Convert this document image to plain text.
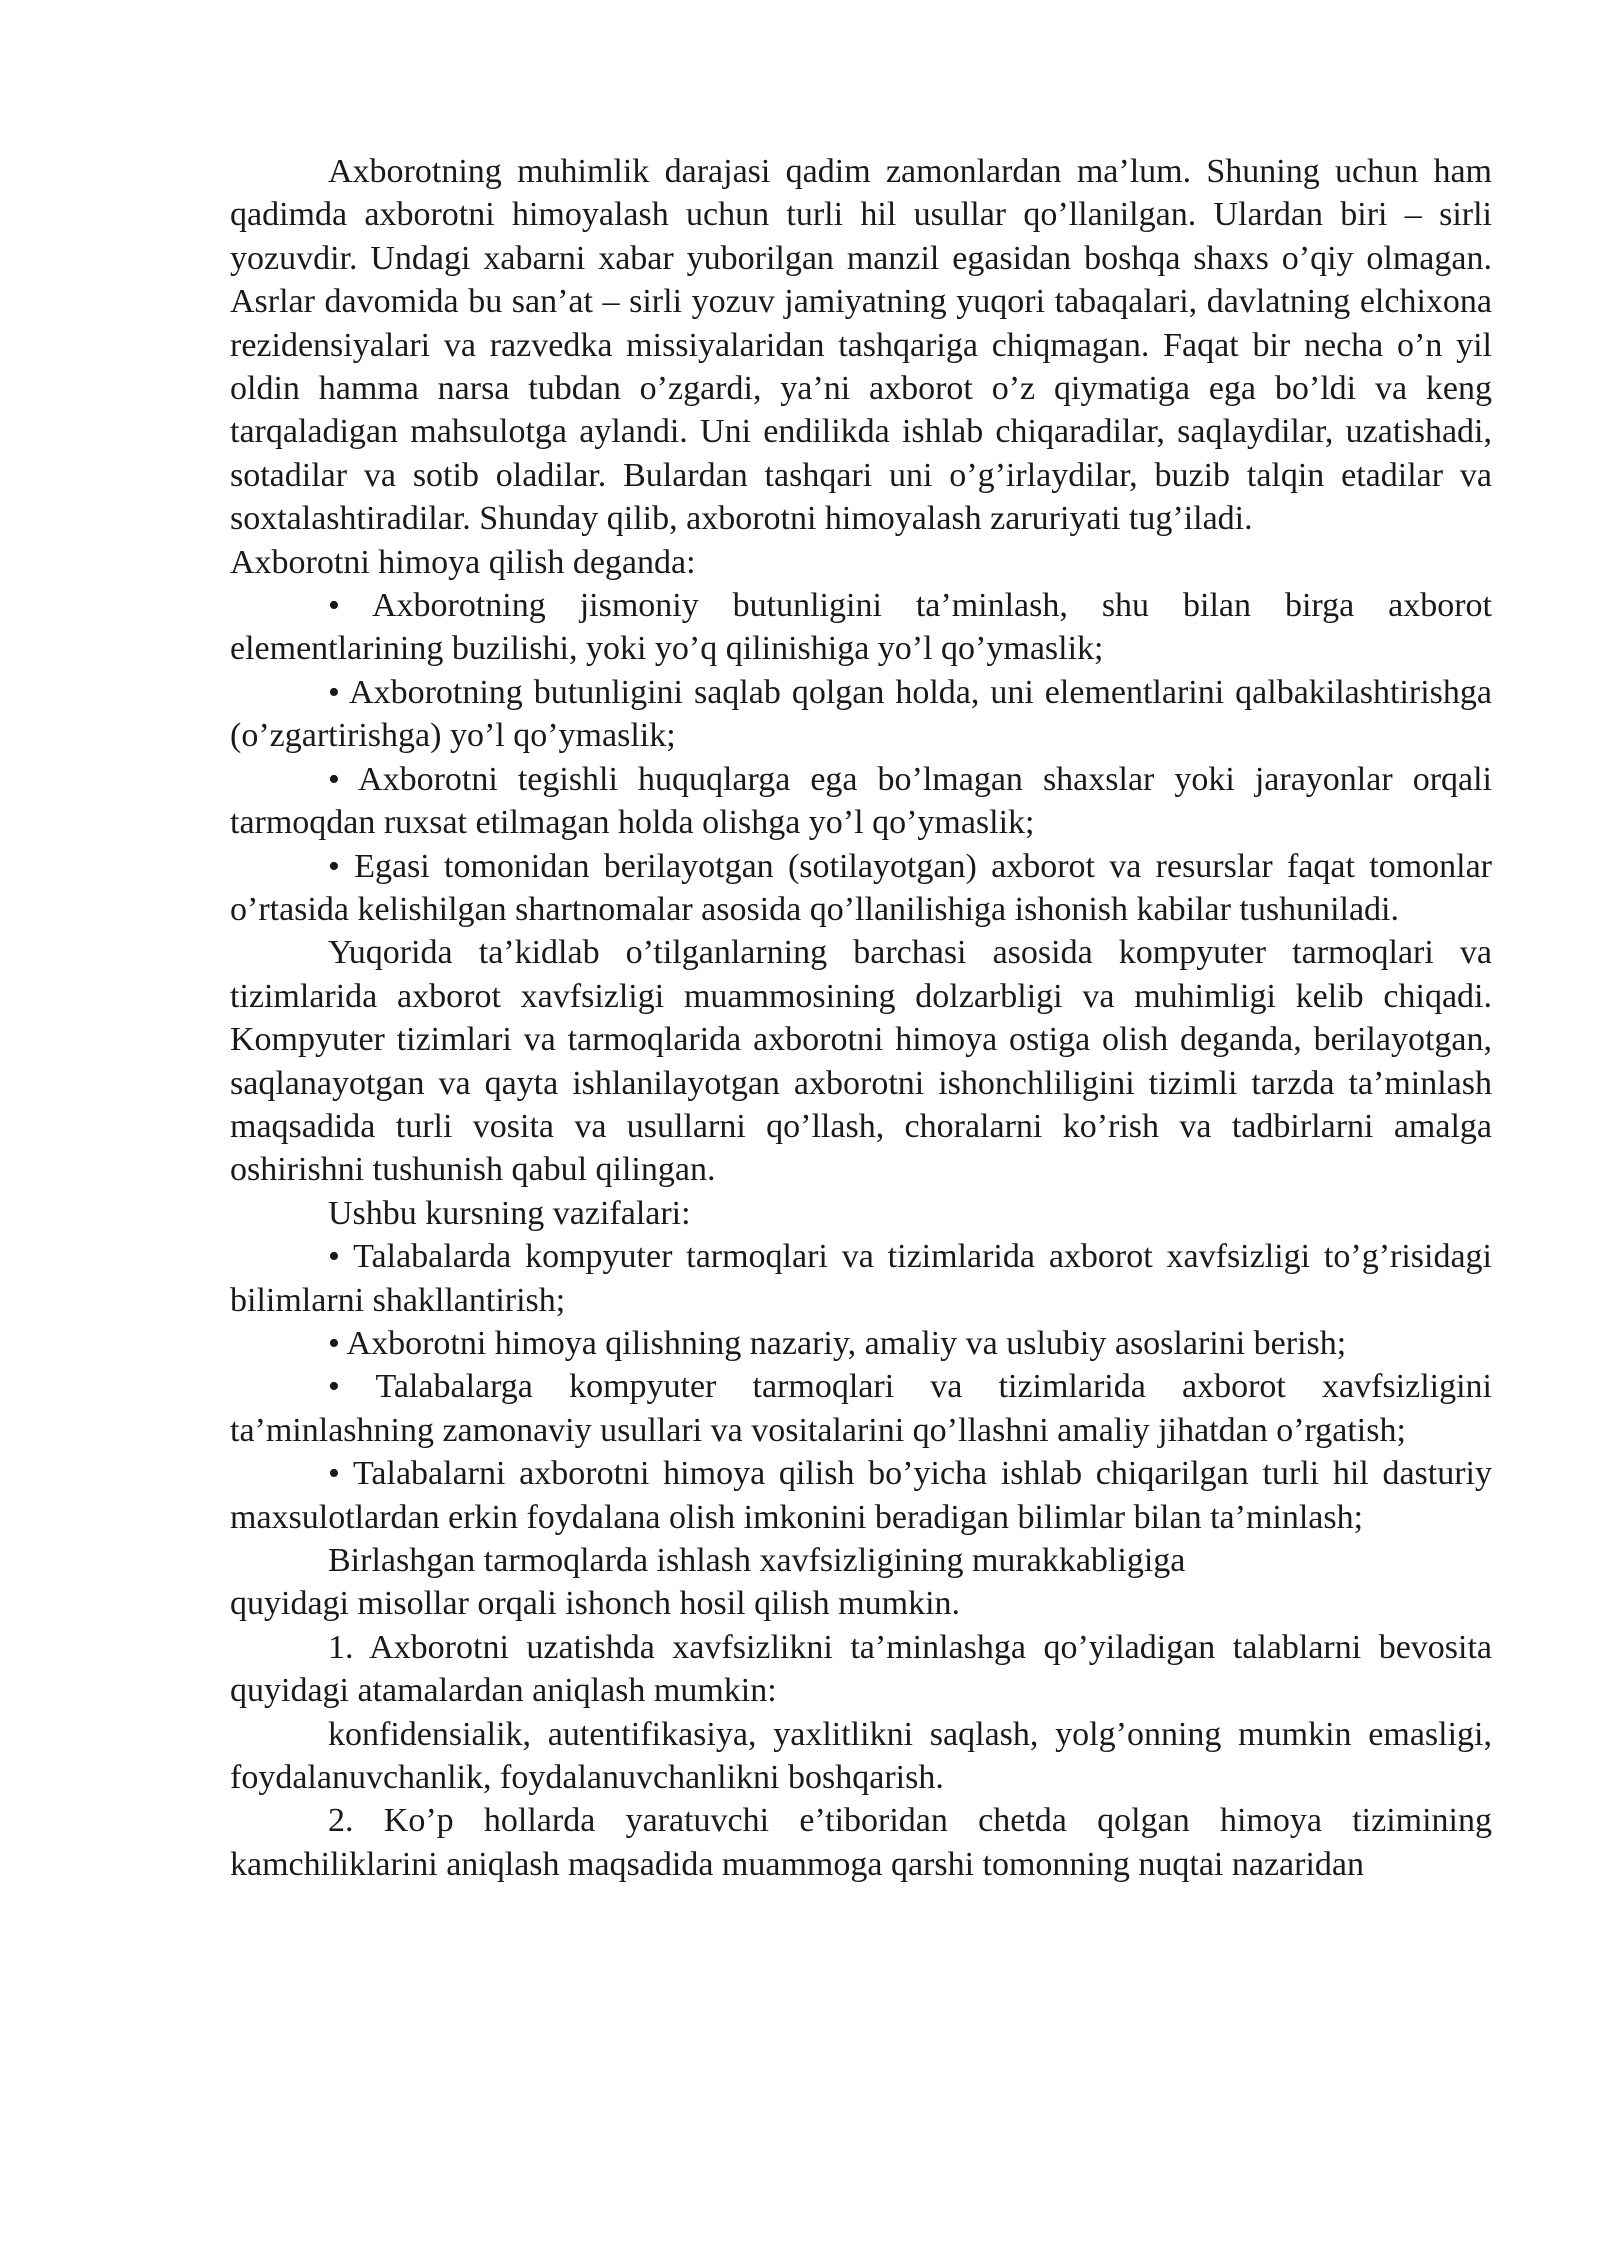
Axborotning muhimlik darajasi qadim zamonlardan ma’lum. Shuning uchun ham qadimda axborotni himoyalash uchun turli hil usullar qo’llanilgan. Ulardan biri – sirli yozuvdir. Undagi xabarni xabar yuborilgan manzil egasidan boshqa shaxs o’qiy olmagan. Asrlar davomida bu san’at – sirli yozuv jamiyatning yuqori tabaqalari, davlatning elchixona rezidensiyalari va razvedka missiyalaridan tashqariga chiqmagan. Faqat bir necha o’n yil oldin hamma narsa tubdan o’zgardi, ya’ni axborot o’z qiymatiga ega bo’ldi va keng tarqaladigan mahsulotga aylandi. Uni endilikda ishlab chiqaradilar, saqlaydilar, uzatishadi, sotadilar va sotib oladilar. Bulardan tashqari uni o’g’irlaydilar, buzib talqin etadilar va soxtalashtiradilar. Shunday qilib, axborotni himoyalash zaruriyati tug’iladi.

Axborotni himoya qilish deganda:

• Axborotning jismoniy butunligini ta’minlash, shu bilan birga axborot elementlarining buzilishi, yoki yo’q qilinishiga yo’l qo’ymaslik;

• Axborotning butunligini saqlab qolgan holda, uni elementlarini qalbakilashtirishga (o’zgartirishga) yo’l qo’ymaslik;

• Axborotni tegishli huquqlarga ega bo’lmagan shaxslar yoki jarayonlar orqali tarmoqdan ruxsat etilmagan holda olishga yo’l qo’ymaslik;

• Egasi tomonidan berilayotgan (sotilayotgan) axborot va resurslar faqat tomonlar o’rtasida kelishilgan shartnomalar asosida qo’llanilishiga ishonish kabilar tushuniladi.

Yuqorida ta’kidlab o’tilganlarning barchasi asosida kompyuter tarmoqlari va tizimlarida axborot xavfsizligi muammosining dolzarbligi va muhimligi kelib chiqadi. Kompyuter tizimlari va tarmoqlarida axborotni himoya ostiga olish deganda, berilayotgan, saqlanayotgan va qayta ishlanilayotgan axborotni ishonchliligini tizimli tarzda ta’minlash maqsadida turli vosita va usullarni qo’llash, choralarni ko’rish va tadbirlarni amalga oshirishni tushunish qabul qilingan.

Ushbu kursning vazifalari:

• Talabalarda kompyuter tarmoqlari va tizimlarida axborot xavfsizligi to’g’risidagi bilimlarni shakllantirish;

• Axborotni himoya qilishning nazariy, amaliy va uslubiy asoslarini berish;

• Talabalarga kompyuter tarmoqlari va tizimlarida axborot xavfsizligini ta’minlashning zamonaviy usullari va vositalarini qo’llashni amaliy jihatdan o’rgatish;

• Talabalarni axborotni himoya qilish bo’yicha ishlab chiqarilgan turli hil dasturiy maxsulotlardan erkin foydalana olish imkonini beradigan bilimlar bilan ta’minlash;

Birlashgan tarmoqlarda ishlash xavfsizligining murakkabligiga

quyidagi misollar orqali ishonch hosil qilish mumkin.

1. Axborotni uzatishda xavfsizlikni ta’minlashga qo’yiladigan talablarni bevosita quyidagi atamalardan aniqlash mumkin:

konfidensialik, autentifikasiya, yaxlitlikni saqlash, yolg’onning mumkin emasligi, foydalanuvchanlik, foydalanuvchanlikni boshqarish.

2. Ko’p hollarda yaratuvchi e’tiboridan chetda qolgan himoya tizimining kamchiliklarini aniqlash maqsadida muammoga qarshi tomonning nuqtai nazaridan
